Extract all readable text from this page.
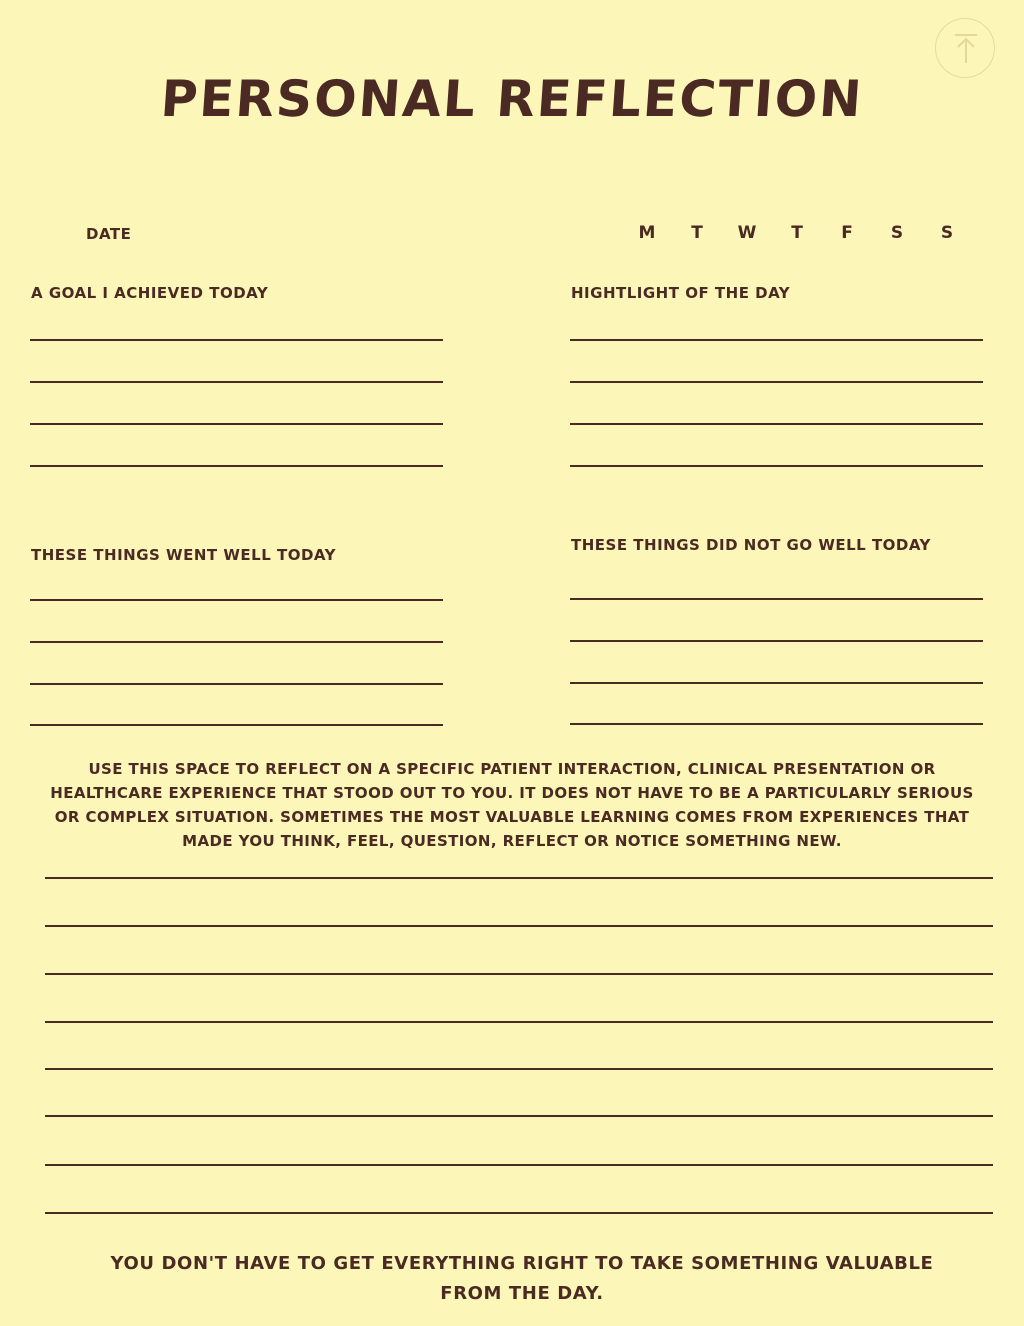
PERSONAL REFLECTION
DATE	M T W T F S S
A GOAL I ACHIEVED TODAY	HIGHTLIGHT OF THE DAY
THESE THINGS WENT WELL TODAY
THESE THINGS DID NOT GO WELL TODAY
USE THIS SPACE TO REFLECT ON A SPECIFIC PATIENT INTERACTION, CLINICAL PRESENTATION OR HEALTHCARE EXPERIENCE THAT STOOD OUT TO YOU. IT DOES NOT HAVE TO BE A PARTICULARLY SERIOUS OR COMPLEX SITUATION. SOMETIMES THE MOST VALUABLE LEARNING COMES FROM EXPERIENCES THAT MADE YOU THINK, FEEL, QUESTION, REFLECT OR NOTICE SOMETHING NEW.
YOU DON'T HAVE TO GET EVERYTHING RIGHT TO TAKE SOMETHING VALUABLE FROM THE DAY.
